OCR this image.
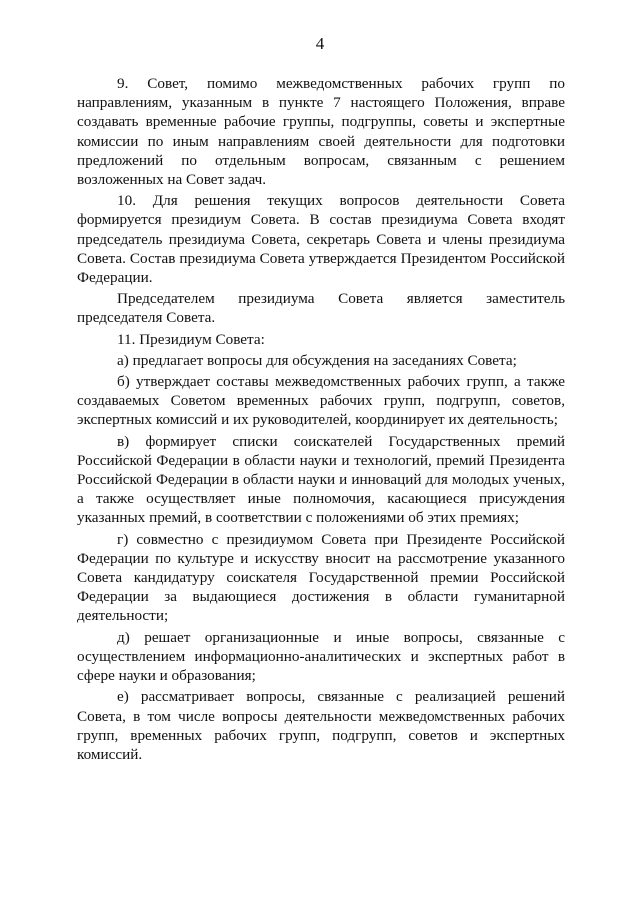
4

9. Совет, помимо межведомственных рабочих групп по направлениям, указанным в пункте 7 настоящего Положения, вправе создавать временные рабочие группы, подгруппы, советы и экспертные комиссии по иным направлениям своей деятельности для подготовки предложений по отдельным вопросам, связанным с решением возложенных на Совет задач.

10. Для решения текущих вопросов деятельности Совета формируется президиум Совета. В состав президиума Совета входят председатель президиума Совета, секретарь Совета и члены президиума Совета. Состав президиума Совета утверждается Президентом Российской Федерации.

Председателем президиума Совета является заместитель председателя Совета.

11. Президиум Совета:

а) предлагает вопросы для обсуждения на заседаниях Совета;

б) утверждает составы межведомственных рабочих групп, а также создаваемых Советом временных рабочих групп, подгрупп, советов, экспертных комиссий и их руководителей, координирует их деятельность;

в) формирует списки соискателей Государственных премий Российской Федерации в области науки и технологий, премий Президента Российской Федерации в области науки и инноваций для молодых ученых, а также осуществляет иные полномочия, касающиеся присуждения указанных премий, в соответствии с положениями об этих премиях;

г) совместно с президиумом Совета при Президенте Российской Федерации по культуре и искусству вносит на рассмотрение указанного Совета кандидатуру соискателя Государственной премии Российской Федерации за выдающиеся достижения в области гуманитарной деятельности;

д) решает организационные и иные вопросы, связанные с осуществлением информационно-аналитических и экспертных работ в сфере науки и образования;

е) рассматривает вопросы, связанные с реализацией решений Совета, в том числе вопросы деятельности межведомственных рабочих групп, временных рабочих групп, подгрупп, советов и экспертных комиссий.
